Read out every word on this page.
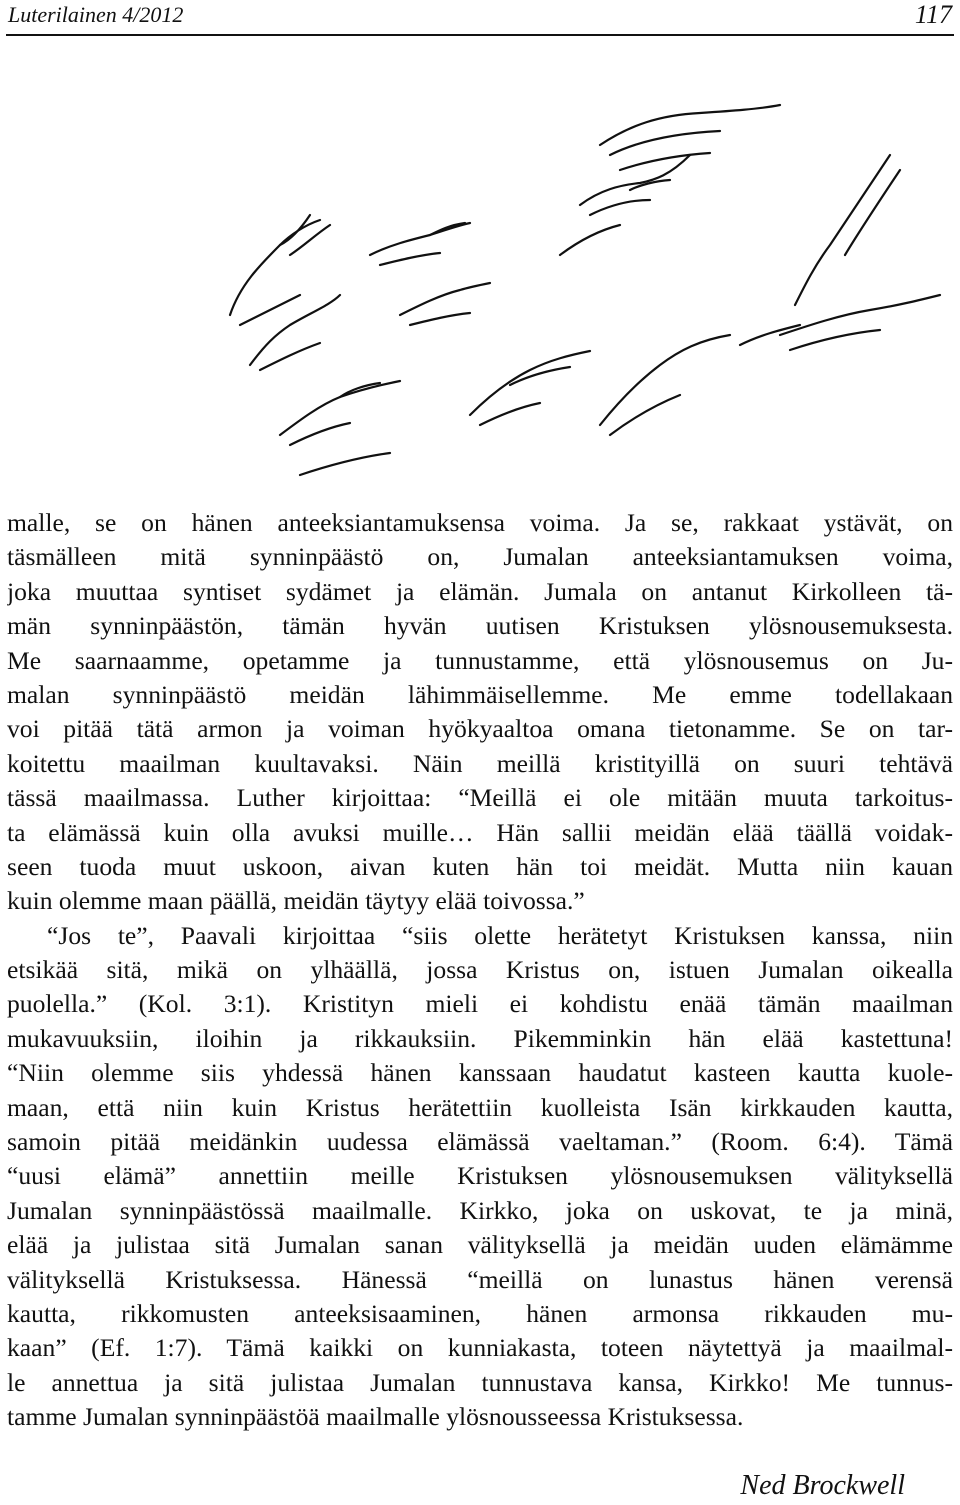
Luterilainen 4/2012	117
malle, se on hänen anteeksiantamuksensa voima. Ja se, rakkaat ystävät, on
täsmälleen mitä synninpäästö on, Jumalan anteeksiantamuksen voima,
joka muuttaa syntiset sydämet ja elämän. Jumala on antanut Kirkolleen tä-
män synninpäästön, tämän hyvän uutisen Kristuksen ylösnousemuksesta.
Me saarnaamme, opetamme ja tunnustamme, että ylösnousemus on Ju-
malan synninpäästö meidän lähimmäisellemme. Me emme todellakaan
voi pitää tätä armon ja voiman hyökyaaltoa omana tietonamme. Se on tar-
koitettu maailman kuultavaksi. Näin meillä kristityillä on suuri tehtävä
tässä maailmassa. Luther kirjoittaa: “Meillä ei ole mitään muuta tarkoitus-
ta elämässä kuin olla avuksi muille… Hän sallii meidän elää täällä voidak-
seen tuoda muut uskoon, aivan kuten hän toi meidät. Mutta niin kauan
kuin olemme maan päällä, meidän täytyy elää toivossa.”
“Jos te”, Paavali kirjoittaa “siis olette herätetyt Kristuksen kanssa, niin
etsikää sitä, mikä on ylhäällä, jossa Kristus on, istuen Jumalan oikealla
puolella.” (Kol. 3:1). Kristityn mieli ei kohdistu enää tämän maailman
mukavuuksiin, iloihin ja rikkauksiin. Pikemminkin hän elää kastettuna!
“Niin olemme siis yhdessä hänen kanssaan haudatut kasteen kautta kuole-
maan, että niin kuin Kristus herätettiin kuolleista Isän kirkkauden kautta,
samoin pitää meidänkin uudessa elämässä vaeltaman.” (Room. 6:4). Tämä
“uusi elämä” annettiin meille Kristuksen ylösnousemuksen välityksellä
Jumalan synninpäästössä maailmalle. Kirkko, joka on uskovat, te ja minä,
elää ja julistaa sitä Jumalan sanan välityksellä ja meidän uuden elämämme
välityksellä Kristuksessa. Hänessä “meillä on lunastus hänen verensä
kautta, rikkomusten anteeksisaaminen, hänen armonsa rikkauden mu-
kaan” (Ef. 1:7). Tämä kaikki on kunniakasta, toteen näytettyä ja maailmal-
le annettua ja sitä julistaa Jumalan tunnustava kansa, Kirkko! Me tunnus-
tamme Jumalan synninpäästöä maailmalle ylösnousseessa Kristuksessa.
Ned Brockwell
